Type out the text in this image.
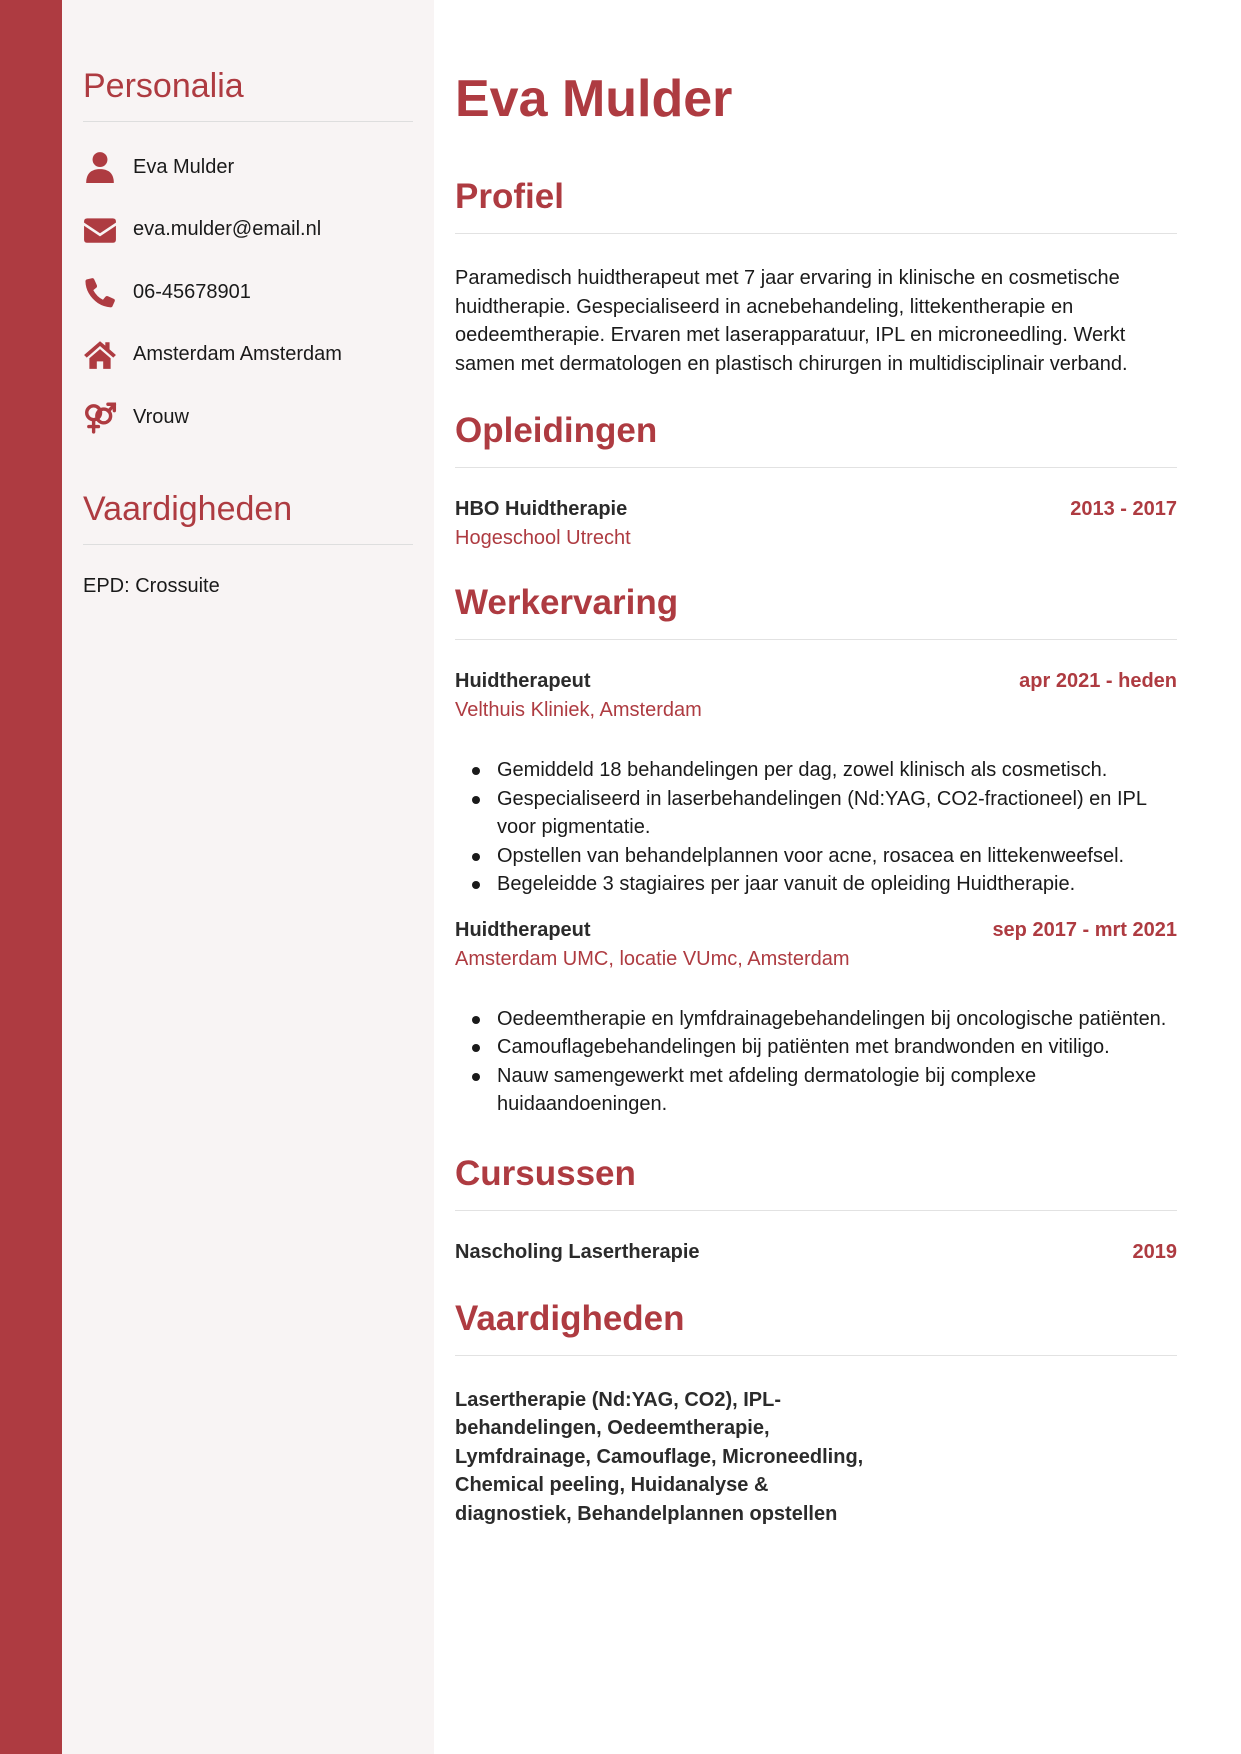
Personalia
Eva Mulder
eva.mulder@email.nl
06-45678901
Amsterdam Amsterdam
Vrouw
Vaardigheden
EPD: Crossuite
Eva Mulder
Profiel

Paramedisch huidtherapeut met 7 jaar ervaring in klinische en cosmetische huidtherapie. Gespecialiseerd in acnebehandeling, littekentherapie en oedeemtherapie. Ervaren met laserapparatuur, IPL en microneedling. Werkt samen met dermatologen en plastisch chirurgen in multidisciplinair verband.

Opleidingen
HBO Huidtherapie	2013 - 2017
Hogeschool Utrecht
Werkervaring
Huidtherapeut	apr 2021 - heden
Velthuis Kliniek, Amsterdam
Gemiddeld 18 behandelingen per dag, zowel klinisch als cosmetisch.
Gespecialiseerd in laserbehandelingen (Nd:YAG, CO2-fractioneel) en IPL voor pigmentatie.
Opstellen van behandelplannen voor acne, rosacea en littekenweefsel.
Begeleidde 3 stagiaires per jaar vanuit de opleiding Huidtherapie.
Huidtherapeut	sep 2017 - mrt 2021
Amsterdam UMC, locatie VUmc, Amsterdam
Oedeemtherapie en lymfdrainagebehandelingen bij oncologische patiënten.
Camouflagebehandelingen bij patiënten met brandwonden en vitiligo.
Nauw samengewerkt met afdeling dermatologie bij complexe huidaandoeningen.
Cursussen
Nascholing Lasertherapie	2019
Vaardigheden
Lasertherapie (Nd:YAG, CO2), IPL-behandelingen, Oedeemtherapie, Lymfdrainage, Camouflage, Microneedling, Chemical peeling, Huidanalyse & diagnostiek, Behandelplannen opstellen
